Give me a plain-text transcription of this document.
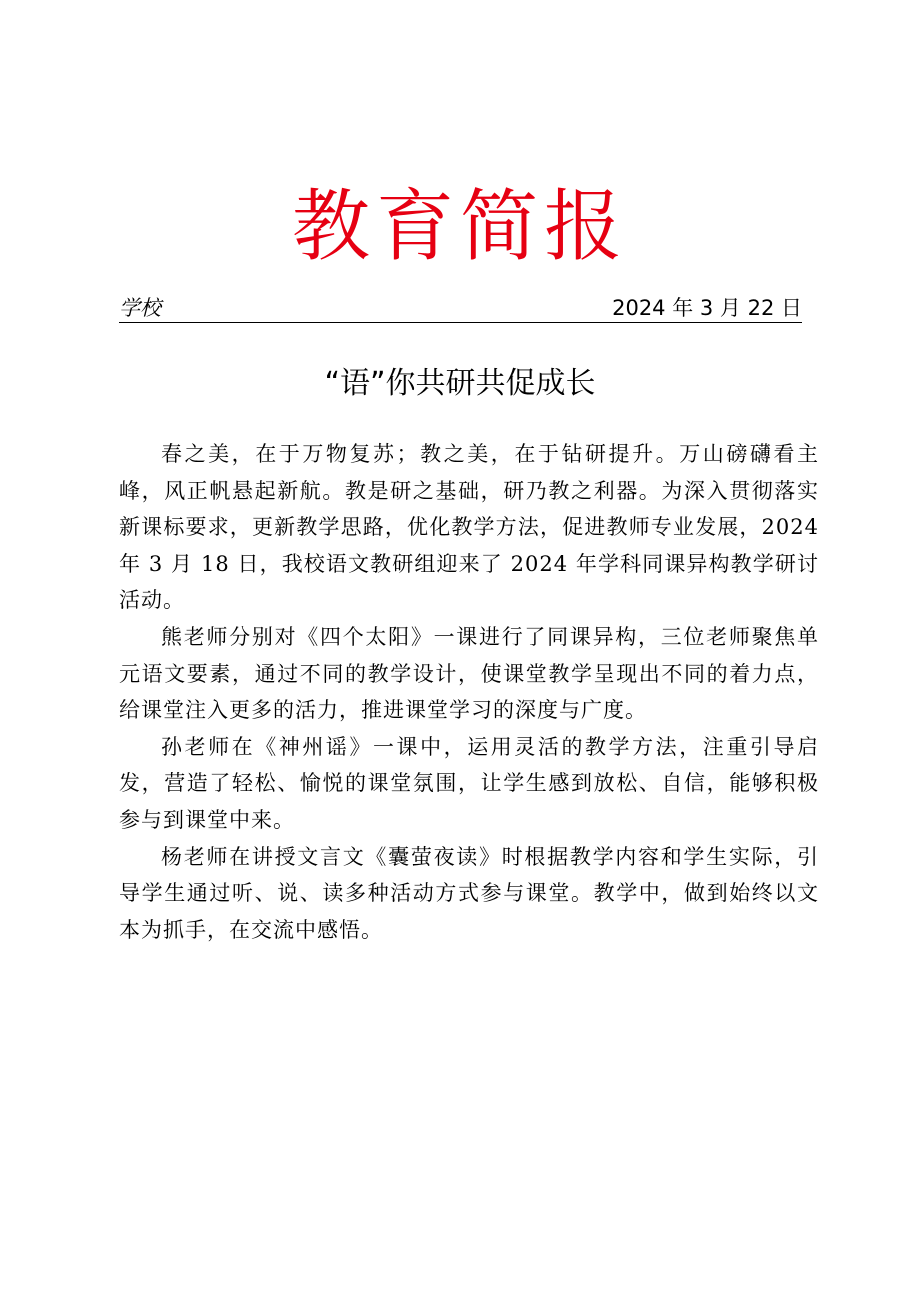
教育简报
学校	2024 年 3 月 22 日
“语”你共研共促成长

春之美，在于万物复苏；教之美，在于钻研提升。万山磅礴看主峰，风正帆悬起新航。教是研之基础，研乃教之利器。为深入贯彻落实新课标要求，更新教学思路，优化教学方法，促进教师专业发展，2024 年 3 月 18 日，我校语文教研组迎来了 2024 年学科同课异构教学研讨活动。

熊老师分别对《四个太阳》一课进行了同课异构，三位老师聚焦单元语文要素，通过不同的教学设计，使课堂教学呈现出不同的着力点，给课堂注入更多的活力，推进课堂学习的深度与广度。

孙老师在《神州谣》一课中，运用灵活的教学方法，注重引导启发，营造了轻松、愉悦的课堂氛围，让学生感到放松、自信，能够积极参与到课堂中来。

杨老师在讲授文言文《囊萤夜读》时根据教学内容和学生实际，引导学生通过听、说、读多种活动方式参与课堂。教学中，做到始终以文本为抓手，在交流中感悟。
